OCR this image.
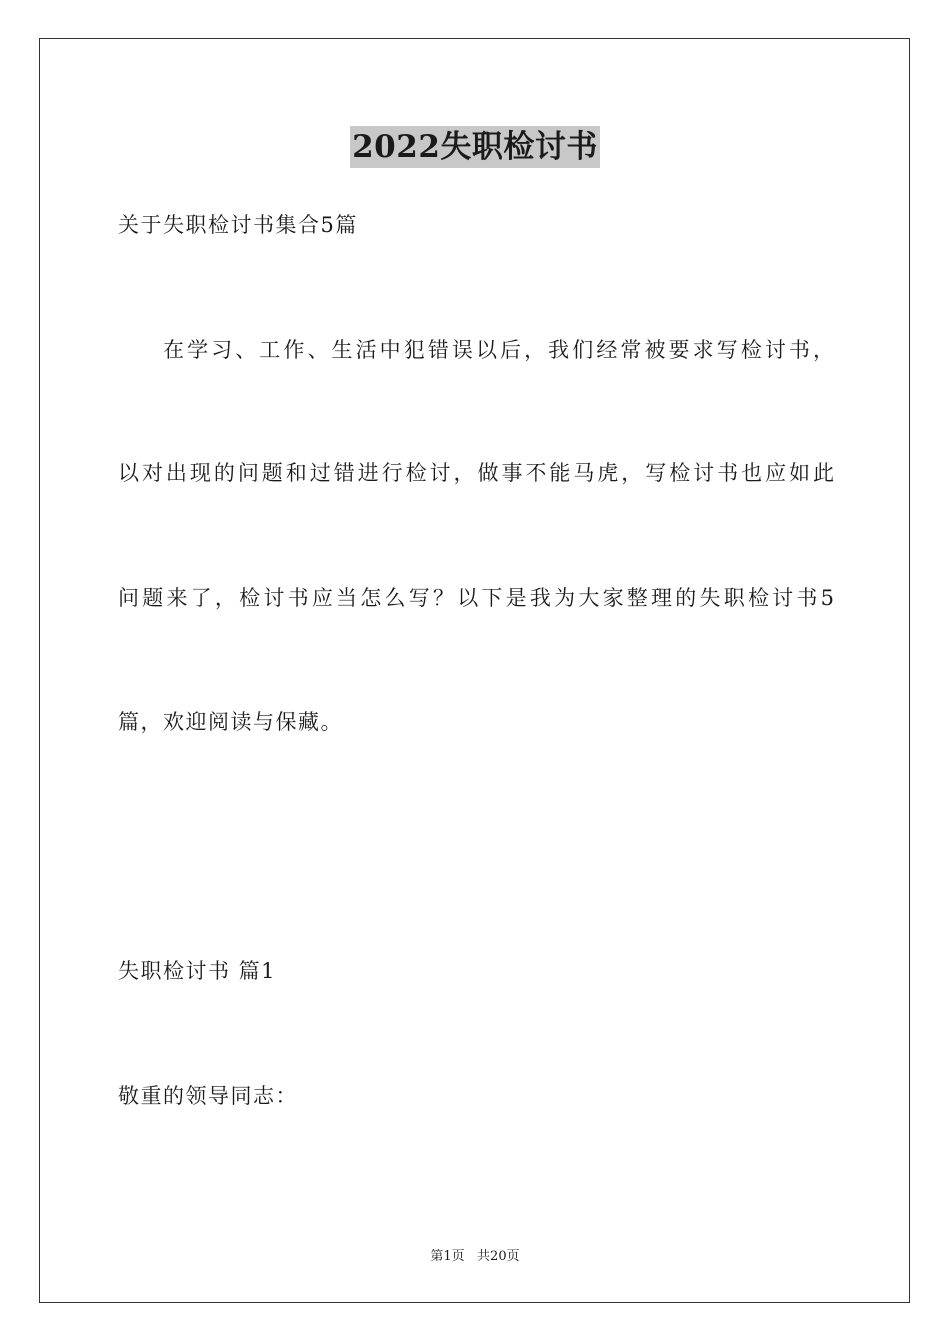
2022失职检讨书
关于失职检讨书集合5篇
在学习、工作、生活中犯错误以后，我们经常被要求写检讨书，
以对出现的问题和过错进行检讨，做事不能马虎，写检讨书也应如此
问题来了，检讨书应当怎么写？以下是我为大家整理的失职检讨书5
篇，欢迎阅读与保藏。
失职检讨书 篇1
敬重的领导同志：
第1页   共20页
